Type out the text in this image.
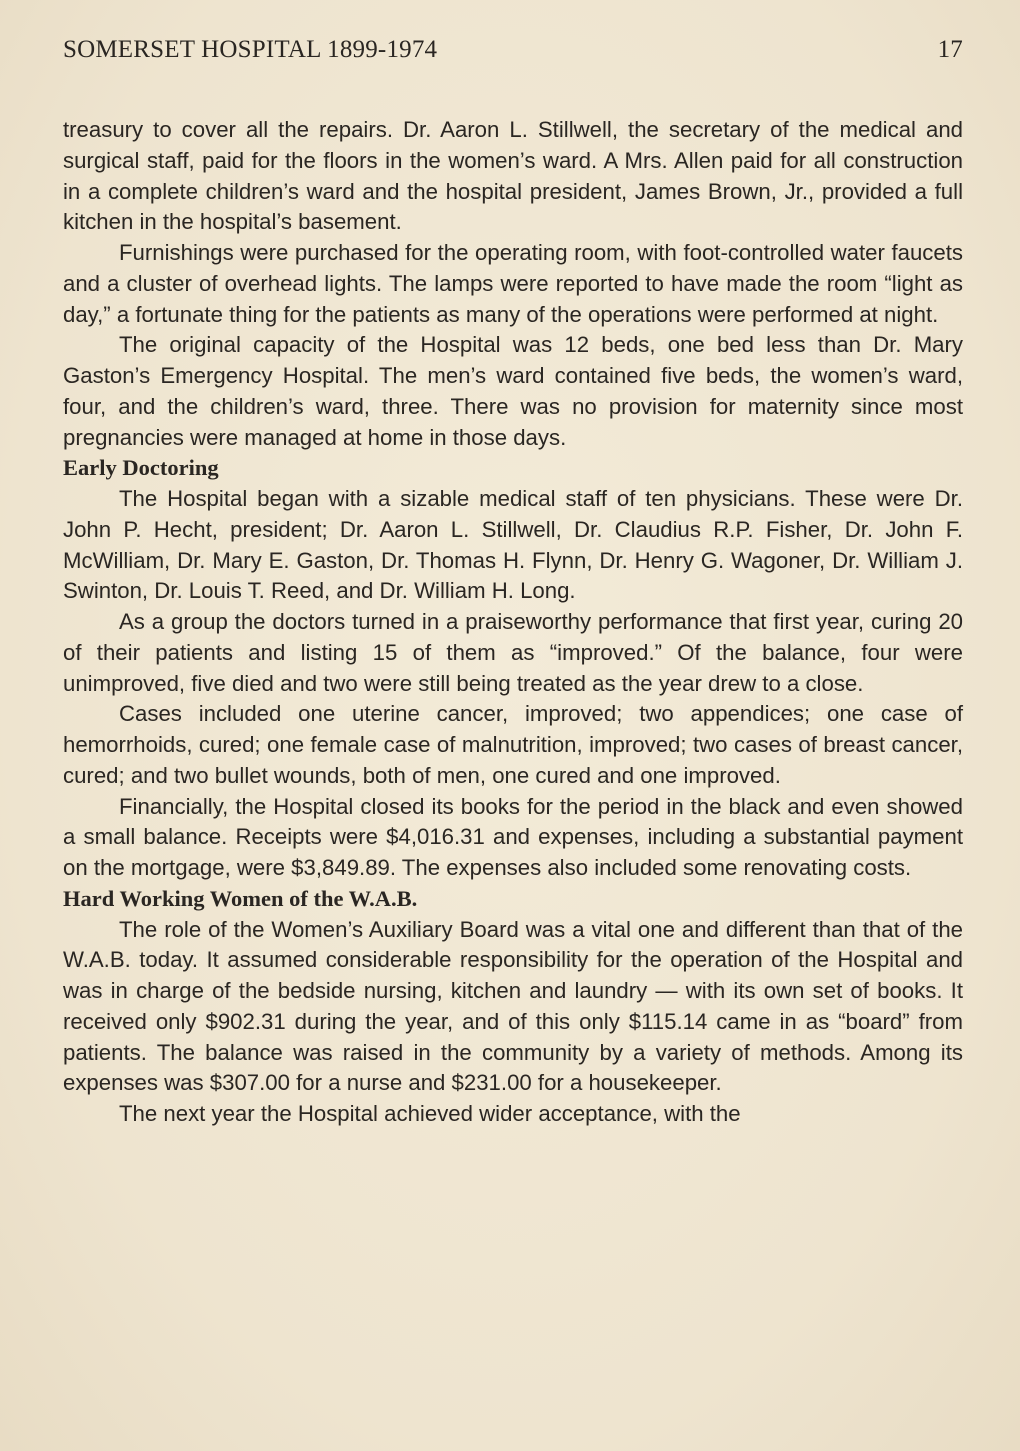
SOMERSET HOSPITAL 1899-1974	17

treasury to cover all the repairs. Dr. Aaron L. Stillwell, the secretary of the medical and surgical staff, paid for the floors in the women’s ward. A Mrs. Allen paid for all construction in a complete children’s ward and the hospital president, James Brown, Jr., provided a full kitchen in the hospital’s basement.

Furnishings were purchased for the operating room, with foot-controlled water faucets and a cluster of overhead lights. The lamps were reported to have made the room “light as day,” a fortunate thing for the patients as many of the operations were performed at night.

The original capacity of the Hospital was 12 beds, one bed less than Dr. Mary Gaston’s Emergency Hospital. The men’s ward contained five beds, the women’s ward, four, and the children’s ward, three. There was no provision for maternity since most pregnancies were managed at home in those days.

Early Doctoring

The Hospital began with a sizable medical staff of ten physicians. These were Dr. John P. Hecht, president; Dr. Aaron L. Stillwell, Dr. Claudius R.P. Fisher, Dr. John F. McWilliam, Dr. Mary E. Gaston, Dr. Thomas H. Flynn, Dr. Henry G. Wagoner, Dr. William J. Swinton, Dr. Louis T. Reed, and Dr. William H. Long.

As a group the doctors turned in a praiseworthy performance that first year, curing 20 of their patients and listing 15 of them as “improved.” Of the balance, four were unimproved, five died and two were still being treated as the year drew to a close.

Cases included one uterine cancer, improved; two appendices; one case of hemorrhoids, cured; one female case of malnutrition, improved; two cases of breast cancer, cured; and two bullet wounds, both of men, one cured and one improved.

Financially, the Hospital closed its books for the period in the black and even showed a small balance. Receipts were $4,016.31 and expenses, including a substantial payment on the mortgage, were $3,849.89. The expenses also included some renovating costs.

Hard Working Women of the W.A.B.

The role of the Women’s Auxiliary Board was a vital one and different than that of the W.A.B. today. It assumed considerable responsibility for the operation of the Hospital and was in charge of the bedside nursing, kitchen and laundry — with its own set of books. It received only $902.31 during the year, and of this only $115.14 came in as “board” from patients. The balance was raised in the community by a variety of methods. Among its expenses was $307.00 for a nurse and $231.00 for a housekeeper.

The next year the Hospital achieved wider acceptance, with the
